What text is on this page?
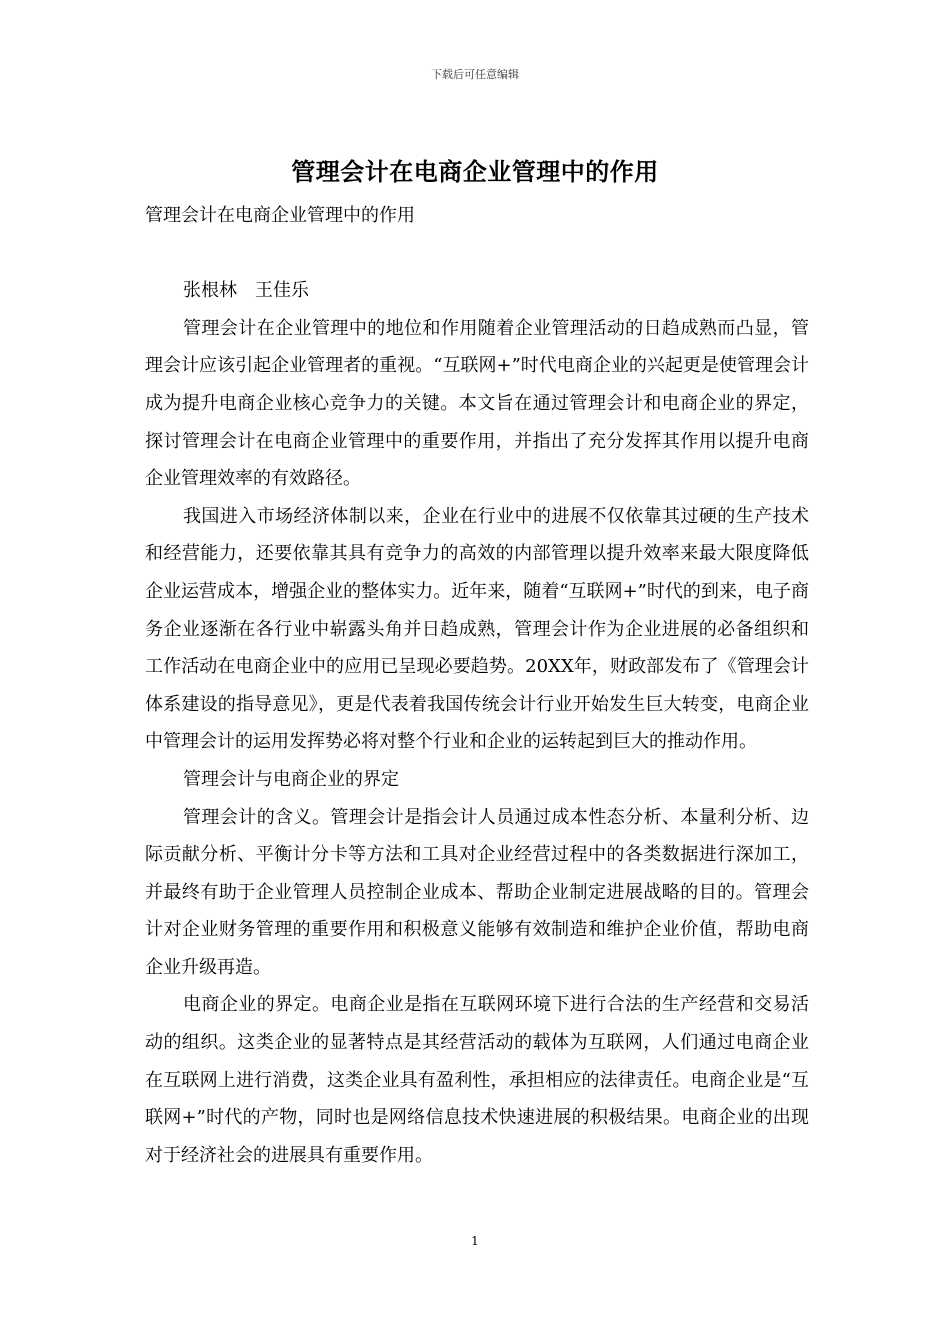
下载后可任意编辑
管理会计在电商企业管理中的作用

管理会计在电商企业管理中的作用

张根林　王佳乐

管理会计在企业管理中的地位和作用随着企业管理活动的日趋成熟而凸显，管理会计应该引起企业管理者的重视。“互联网+”时代电商企业的兴起更是使管理会计成为提升电商企业核心竞争力的关键。本文旨在通过管理会计和电商企业的界定，探讨管理会计在电商企业管理中的重要作用，并指出了充分发挥其作用以提升电商企业管理效率的有效路径。

我国进入市场经济体制以来，企业在行业中的进展不仅依靠其过硬的生产技术和经营能力，还要依靠其具有竞争力的高效的内部管理以提升效率来最大限度降低企业运营成本，增强企业的整体实力。近年来，随着“互联网+”时代的到来，电子商务企业逐渐在各行业中崭露头角并日趋成熟，管理会计作为企业进展的必备组织和工作活动在电商企业中的应用已呈现必要趋势。20XX年，财政部发布了《管理会计体系建设的指导意见》，更是代表着我国传统会计行业开始发生巨大转变，电商企业中管理会计的运用发挥势必将对整个行业和企业的运转起到巨大的推动作用。

管理会计与电商企业的界定

管理会计的含义。管理会计是指会计人员通过成本性态分析、本量利分析、边际贡献分析、平衡计分卡等方法和工具对企业经营过程中的各类数据进行深加工，并最终有助于企业管理人员控制企业成本、帮助企业制定进展战略的目的。管理会计对企业财务管理的重要作用和积极意义能够有效制造和维护企业价值，帮助电商企业升级再造。

电商企业的界定。电商企业是指在互联网环境下进行合法的生产经营和交易活动的组织。这类企业的显著特点是其经营活动的载体为互联网，人们通过电商企业在互联网上进行消费，这类企业具有盈利性，承担相应的法律责任。电商企业是“互联网+”时代的产物，同时也是网络信息技术快速进展的积极结果。电商企业的出现对于经济社会的进展具有重要作用。

1
